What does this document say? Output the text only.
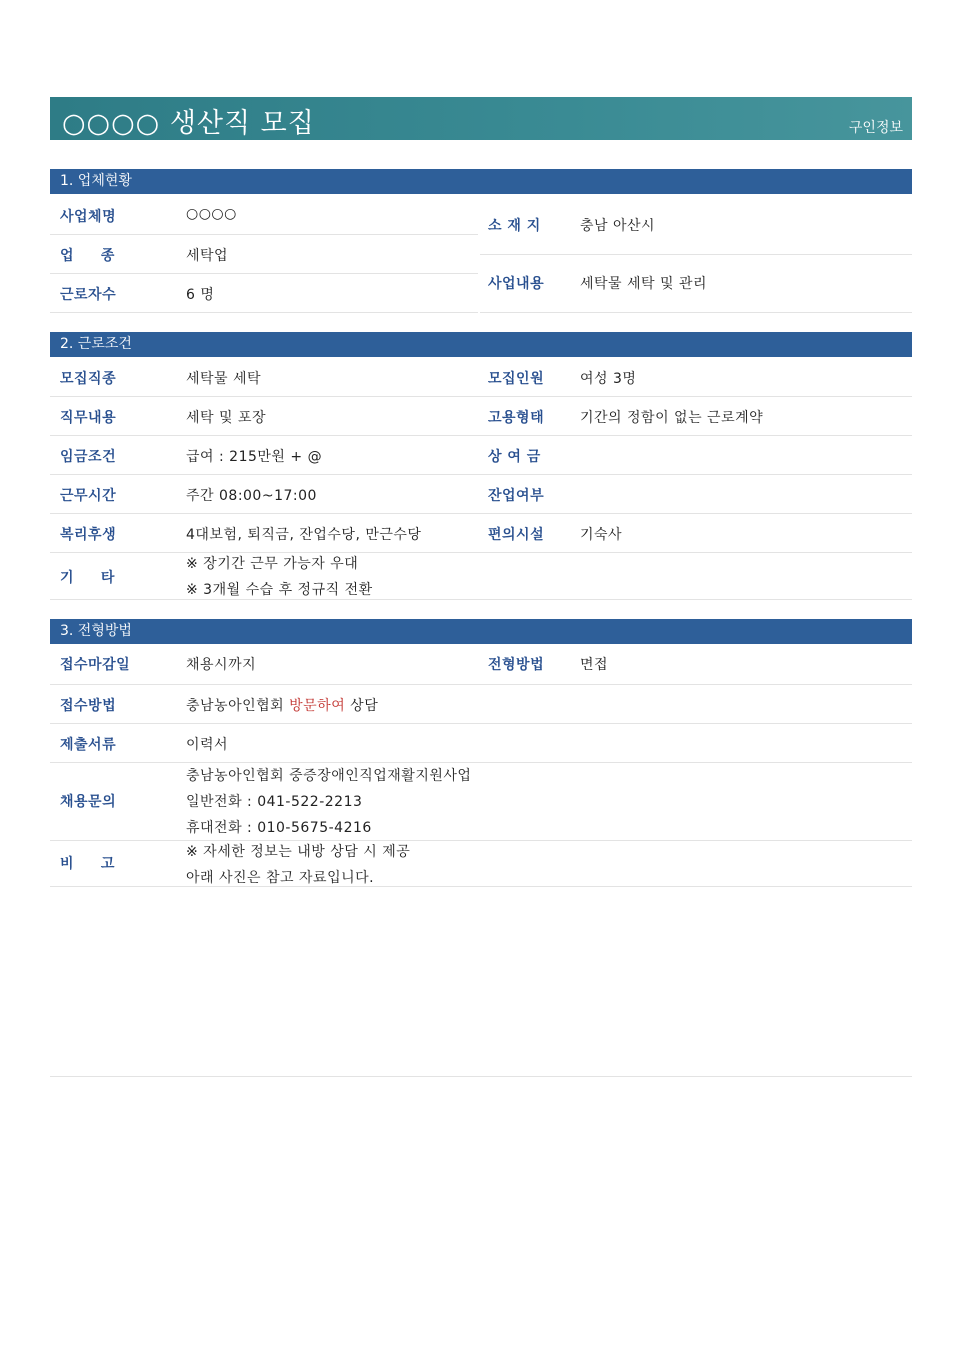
○○○○ 생산직 모집	구인정보
1. 업체현황
사업체명	○○○○
업     종	세탁업
근로자수	6 명
소 재 지	충남 아산시
사업내용	세탁물 세탁 및 관리
2. 근로조건
모집직종	세탁물 세탁	모집인원	여성 3명
직무내용	세탁 및 포장	고용형태	기간의 정함이 없는 근로계약
임금조건	급여 : 215만원 + @	상 여 금
근무시간	주간 08:00~17:00	잔업여부
복리후생	4대보험, 퇴직금, 잔업수당, 만근수당	편의시설	기숙사
기     타
※ 장기간 근무 가능자 우대
※ 3개월 수습 후 정규직 전환
3. 전형방법
접수마감일	채용시까지	전형방법	면접
접수방법	충남농아인협회 방문하여 상담
제출서류	이력서
채용문의
충남농아인협회 중증장애인직업재활지원사업
일반전화 : 041-522-2213
휴대전화 : 010-5675-4216
비     고
※ 자세한 정보는 내방 상담 시 제공
아래 사진은 참고 자료입니다.
